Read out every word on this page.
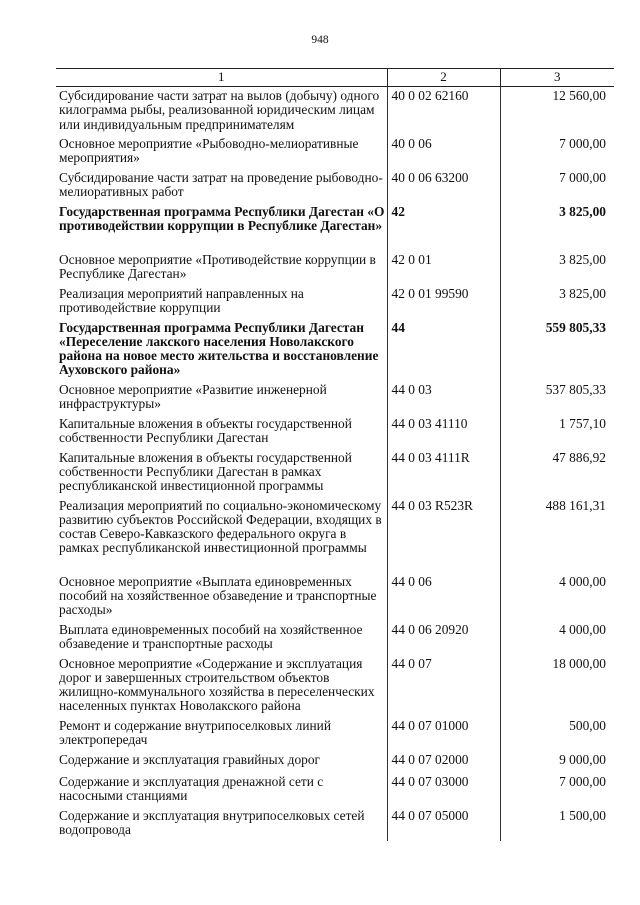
948
1	2	3
Субсидирование части затрат на вылов (добычу) одного килограмма рыбы, реализованной юридическим лицам или индивидуальным предпринимателям	40 0 02 62160	12 560,00
Основное мероприятие «Рыбоводно-мелиоративные мероприятия»	40 0 06	7 000,00
Субсидирование части затрат на проведение рыбоводно-мелиоративных работ	40 0 06 63200	7 000,00
Государственная программа Республики Дагестан «О противодействии коррупции в Республике Дагестан»	42	3 825,00
Основное мероприятие «Противодействие коррупции в Республике Дагестан»	42 0 01	3 825,00
Реализация мероприятий направленных на противодействие коррупции	42 0 01 99590	3 825,00
Государственная программа Республики Дагестан «Переселение лакского населения Новолакского района на новое место жительства и восстановление Ауховского района»	44	559 805,33
Основное мероприятие «Развитие инженерной инфраструктуры»	44 0 03	537 805,33
Капитальные вложения в объекты государственной собственности Республики Дагестан	44 0 03 41110	1 757,10
Капитальные вложения в объекты государственной собственности Республики Дагестан в рамках республиканской инвестиционной программы	44 0 03 4111R	47 886,92
Реализация мероприятий по социально-экономическому развитию субъектов Российской Федерации, входящих в состав Северо-Кавказского федерального округа в рамках республиканской инвестиционной программы	44 0 03 R523R	488 161,31
Основное мероприятие «Выплата единовременных пособий на хозяйственное обзаведение и транспортные расходы»	44 0 06	4 000,00
Выплата единовременных пособий на хозяйственное обзаведение и транспортные расходы	44 0 06 20920	4 000,00
Основное мероприятие «Содержание и эксплуатация дорог и завершенных строительством объектов жилищно-коммунального хозяйства в переселенческих населенных пунктах Новолакского района	44 0 07	18 000,00
Ремонт и содержание внутрипоселковых линий электропередач	44 0 07 01000	500,00
Содержание и эксплуатация гравийных дорог	44 0 07 02000	9 000,00
Содержание и эксплуатация дренажной сети с насосными станциями	44 0 07 03000	7 000,00
Содержание и эксплуатация внутрипоселковых сетей водопровода	44 0 07 05000	1 500,00
